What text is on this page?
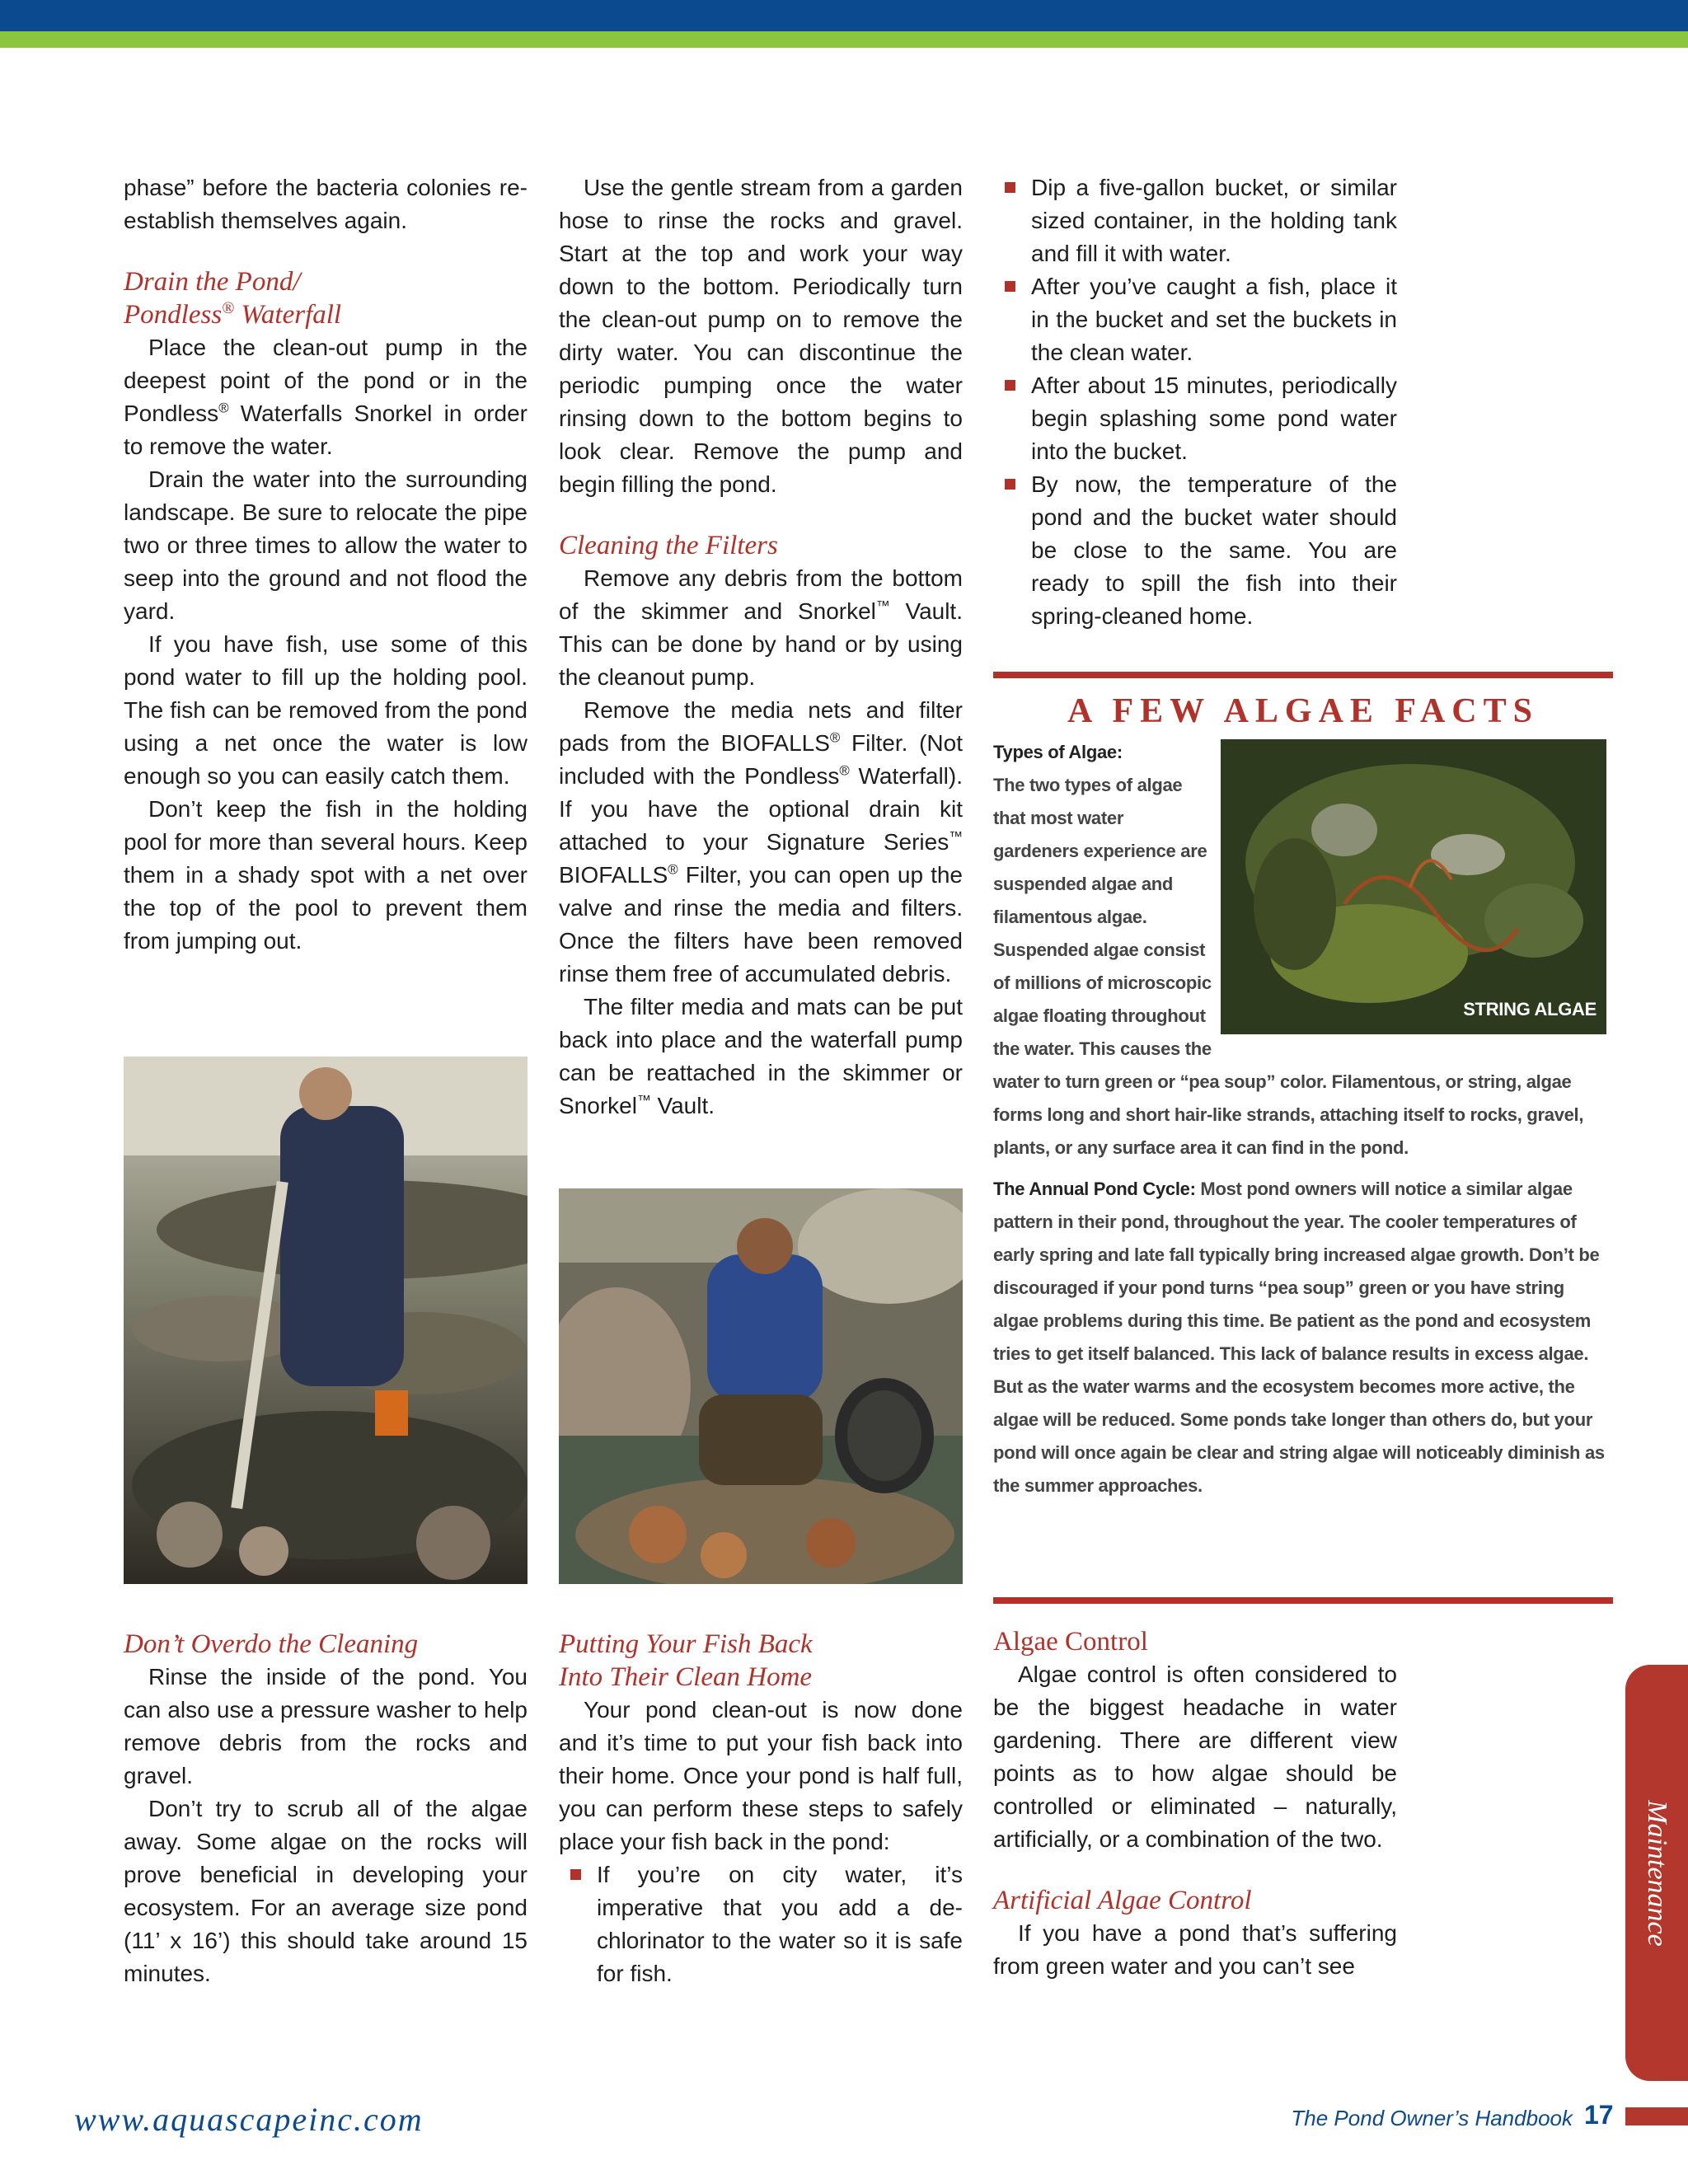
phase” before the bacteria colonies re-establish themselves again.

Drain the Pond/
Pondless® Waterfall

Place the clean-out pump in the deepest point of the pond or in the Pondless® Waterfalls Snorkel in order to remove the water.

Drain the water into the surrounding landscape. Be sure to relocate the pipe two or three times to allow the water to seep into the ground and not flood the yard.

If you have fish, use some of this pond water to fill up the holding pool. The fish can be removed from the pond using a net once the water is low enough so you can easily catch them.

Don’t keep the fish in the holding pool for more than several hours. Keep them in a shady spot with a net over the top of the pool to prevent them from jumping out.

Don’t Overdo the Cleaning

Rinse the inside of the pond. You can also use a pressure washer to help remove debris from the rocks and gravel.

Don’t try to scrub all of the algae away. Some algae on the rocks will prove beneficial in developing your ecosystem. For an average size pond (11’ x 16’) this should take around 15 minutes.

Use the gentle stream from a garden hose to rinse the rocks and gravel. Start at the top and work your way down to the bottom. Periodically turn the clean-out pump on to remove the dirty water. You can discontinue the periodic pumping once the water rinsing down to the bottom begins to look clear. Remove the pump and begin filling the pond.

Cleaning the Filters

Remove any debris from the bottom of the skimmer and Snorkel™ Vault. This can be done by hand or by using the cleanout pump.

Remove the media nets and filter pads from the BIOFALLS® Filter. (Not included with the Pondless® Waterfall). If you have the optional drain kit attached to your Signature Series™ BIOFALLS® Filter, you can open up the valve and rinse the media and filters. Once the filters have been removed rinse them free of accumulated debris.

The filter media and mats can be put back into place and the waterfall pump can be reattached in the skimmer or Snorkel™ Vault.

Putting Your Fish Back
Into Their Clean Home

Your pond clean-out is now done and it’s time to put your fish back into their home. Once your pond is half full, you can perform these steps to safely place your fish back in the pond:

If you’re on city water, it’s imperative that you add a de-chlorinator to the water so it is safe for fish.
Dip a five-gallon bucket, or similar sized container, in the holding tank and fill it with water.
After you’ve caught a fish, place it in the bucket and set the buckets in the clean water.
After about 15 minutes, periodically begin splashing some pond water into the bucket.
By now, the temperature of the pond and the bucket water should be close to the same. You are ready to spill the fish into their spring-cleaned home.
A FEW ALGAE FACTS
STRING ALGAE

Types of Algae:
The two types of algae that most water gardeners experience are suspended algae and filamentous algae. Suspended algae consist of millions of microscopic algae floating throughout the water. This causes the water to turn green or “pea soup” color. Filamentous, or string, algae forms long and short hair-like strands, attaching itself to rocks, gravel, plants, or any surface area it can find in the pond.

The Annual Pond Cycle: Most pond owners will notice a similar algae pattern in their pond, throughout the year. The cooler temperatures of early spring and late fall typically bring increased algae growth. Don’t be discouraged if your pond turns “pea soup” green or you have string algae problems during this time. Be patient as the pond and ecosystem tries to get itself balanced. This lack of balance results in excess algae. But as the water warms and the ecosystem becomes more active, the algae will be reduced. Some ponds take longer than others do, but your pond will once again be clear and string algae will noticeably diminish as the summer approaches.

Algae Control

Algae control is often considered to be the biggest headache in water gardening. There are different view points as to how algae should be controlled or eliminated – naturally, artificially, or a combination of the two.

Artificial Algae Control

If you have a pond that’s suffering from green water and you can’t see

Maintenance
www.aquascapeinc.com	The Pond Owner’s Handbook 17
